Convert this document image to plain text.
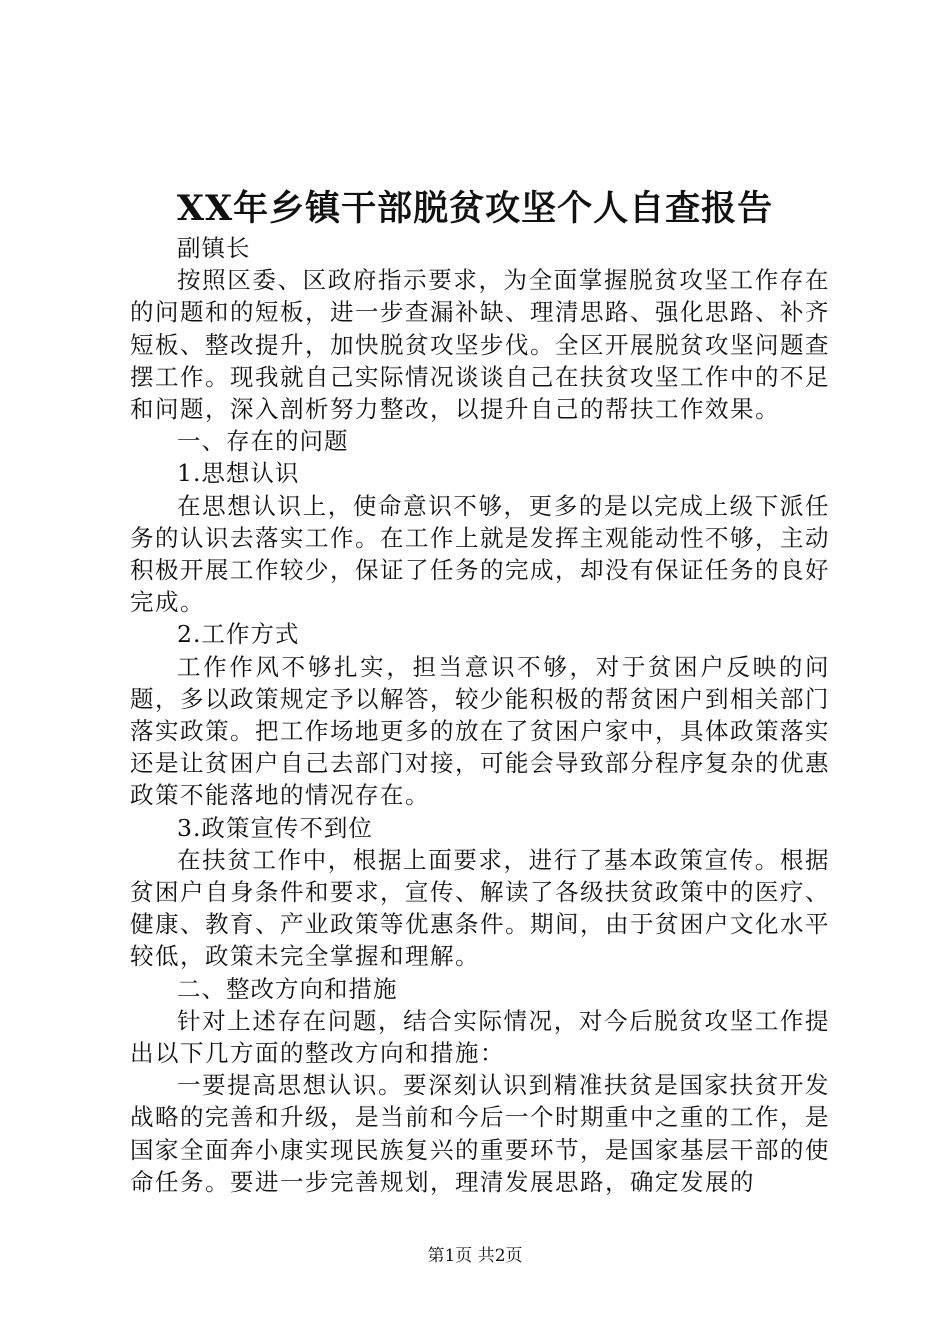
XX年乡镇干部脱贫攻坚个人自查报告

副镇长

按照区委、区政府指示要求，为全面掌握脱贫攻坚工作存在的问题和的短板，进一步查漏补缺、理清思路、强化思路、补齐短板、整改提升，加快脱贫攻坚步伐。全区开展脱贫攻坚问题查摆工作。现我就自己实际情况谈谈自己在扶贫攻坚工作中的不足和问题，深入剖析努力整改，以提升自己的帮扶工作效果。

一、存在的问题

1.思想认识

在思想认识上，使命意识不够，更多的是以完成上级下派任务的认识去落实工作。在工作上就是发挥主观能动性不够，主动积极开展工作较少，保证了任务的完成，却没有保证任务的良好完成。

2.工作方式

工作作风不够扎实，担当意识不够，对于贫困户反映的问题，多以政策规定予以解答，较少能积极的帮贫困户到相关部门落实政策。把工作场地更多的放在了贫困户家中，具体政策落实还是让贫困户自己去部门对接，可能会导致部分程序复杂的优惠政策不能落地的情况存在。

3.政策宣传不到位

在扶贫工作中，根据上面要求，进行了基本政策宣传。根据贫困户自身条件和要求，宣传、解读了各级扶贫政策中的医疗、健康、教育、产业政策等优惠条件。期间，由于贫困户文化水平较低，政策未完全掌握和理解。

二、整改方向和措施

针对上述存在问题，结合实际情况，对今后脱贫攻坚工作提出以下几方面的整改方向和措施：

一要提高思想认识。要深刻认识到精准扶贫是国家扶贫开发战略的完善和升级，是当前和今后一个时期重中之重的工作，是国家全面奔小康实现民族复兴的重要环节，是国家基层干部的使命任务。要进一步完善规划，理清发展思路，确定发展的

第1页 共2页
